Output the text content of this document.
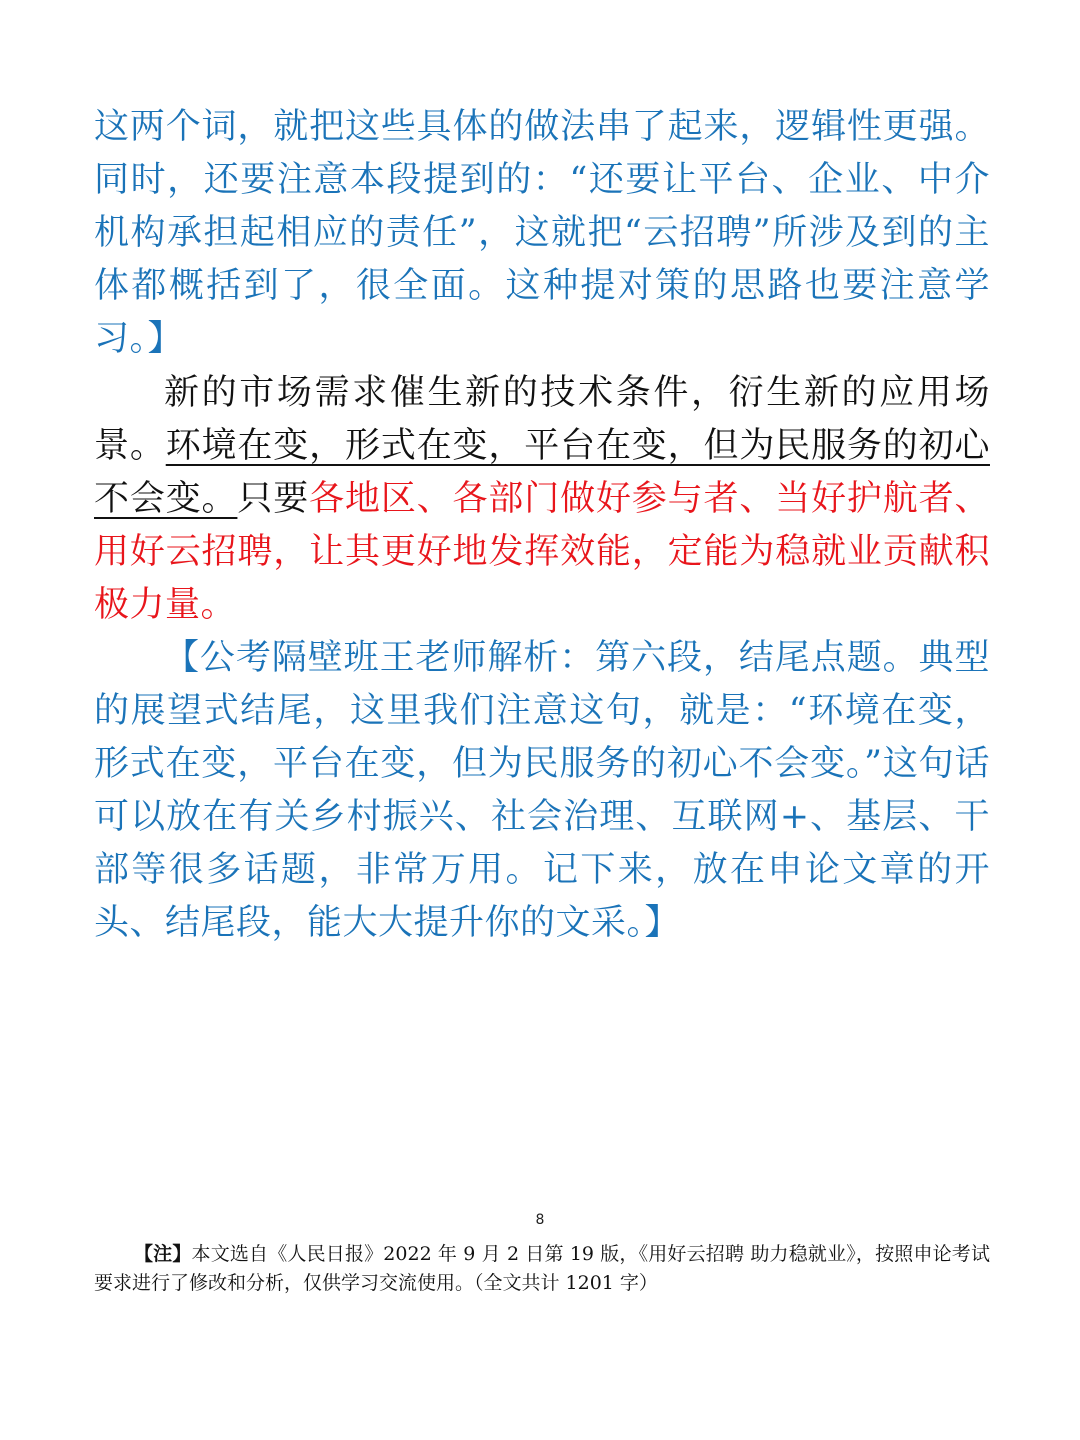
这两个词，就把这些具体的做法串了起来，逻辑性更强。同时，还要注意本段提到的：“还要让平台、企业、中介机构承担起相应的责任”，这就把“云招聘”所涉及到的主体都概括到了，很全面。这种提对策的思路也要注意学习。】

新的市场需求催生新的技术条件，衍生新的应用场景。环境在变，形式在变，平台在变，但为民服务的初心不会变。只要各地区、各部门做好参与者、当好护航者、用好云招聘，让其更好地发挥效能，定能为稳就业贡献积极力量。

【公考隔壁班王老师解析：第六段，结尾点题。典型的展望式结尾，这里我们注意这句，就是：“环境在变，形式在变，平台在变，但为民服务的初心不会变。”这句话可以放在有关乡村振兴、社会治理、互联网+、基层、干部等很多话题，非常万用。记下来，放在申论文章的开头、结尾段，能大大提升你的文采。】

8
【注】本文选自《人民日报》2022 年 9 月 2 日第 19 版，《用好云招聘 助力稳就业》，按照申论考试要求进行了修改和分析，仅供学习交流使用。（全文共计 1201 字）
